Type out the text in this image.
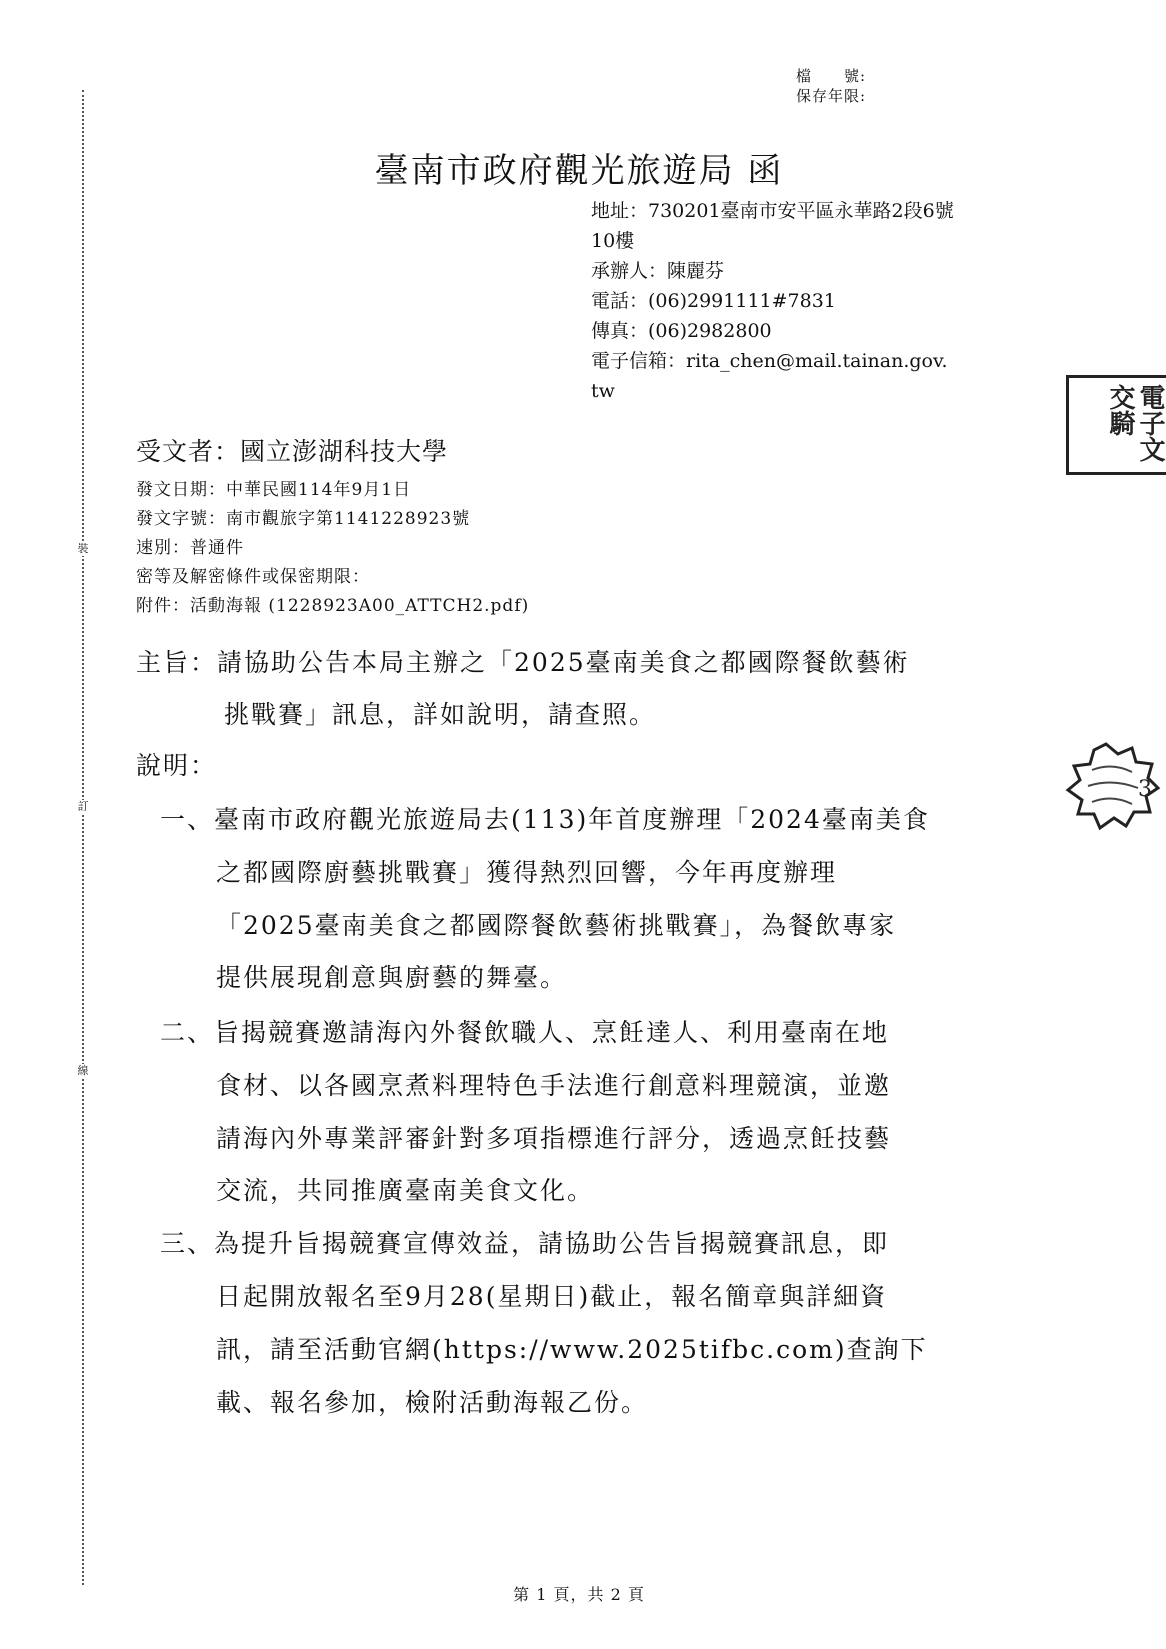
裝
訂
線
檔　　號:
保存年限:
臺南市政府觀光旅遊局 函
地址：730201臺南市安平區永華路2段6號
10樓
承辦人：陳麗芬
電話：(06)2991111#7831
傳真：(06)2982800
電子信箱：rita_chen@mail.tainan.gov.
tw	電子文交騎
受文者：國立澎湖科技大學
發文日期：中華民國114年9月1日
發文字號：南市觀旅字第1141228923號
速別：普通件
密等及解密條件或保密期限：
附件：活動海報 (1228923A00_ATTCH2.pdf)
主旨：請協助公告本局主辦之「2025臺南美食之都國際餐飲藝術
挑戰賽」訊息，詳如說明，請查照。
說明：
3
一、臺南市政府觀光旅遊局去(113)年首度辦理「2024臺南美食
之都國際廚藝挑戰賽」獲得熱烈回響，今年再度辦理
「2025臺南美食之都國際餐飲藝術挑戰賽」，為餐飲專家
提供展現創意與廚藝的舞臺。
二、旨揭競賽邀請海內外餐飲職人、烹飪達人、利用臺南在地
食材、以各國烹煮料理特色手法進行創意料理競演，並邀
請海內外專業評審針對多項指標進行評分，透過烹飪技藝
交流，共同推廣臺南美食文化。
三、為提升旨揭競賽宣傳效益，請協助公告旨揭競賽訊息，即
日起開放報名至9月28(星期日)截止，報名簡章與詳細資
訊，請至活動官網(https://www.2025tifbc.com)查詢下
載、報名參加，檢附活動海報乙份。
第 1 頁，共 2 頁
